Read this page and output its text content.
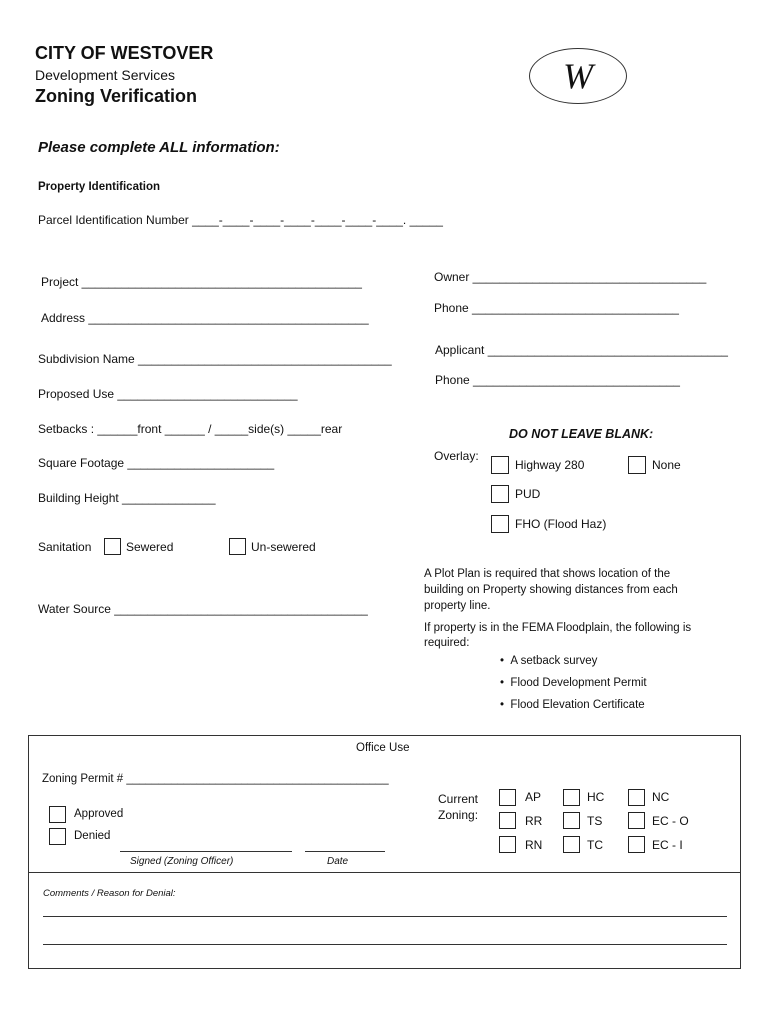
CITY OF WESTOVER
Development Services
Zoning Verification	W
Please complete ALL information:
Property Identification
Parcel Identification Number ____-____-____-____-____-____-____. _____
Project __________________________________________
Address __________________________________________
Subdivision Name ______________________________________
Proposed Use ___________________________
Setbacks : ______front ______ / _____side(s) _____rear
Square Footage ______________________
Building Height ______________
Sanitation	Sewered	Un-sewered
Water Source ______________________________________
Owner ___________________________________
Phone _______________________________
Applicant ____________________________________
Phone _______________________________
DO NOT LEAVE BLANK:
Overlay:
Highway 280	None
PUD
FHO (Flood Haz)
A Plot Plan is required that shows location of the
building on Property showing distances from each
property line.
If property is in the FEMA Floodplain, the following is
required:
•  A setback survey
•  Flood Development Permit
•  Flood Elevation Certificate
Office Use
Zoning Permit # _________________________________________
Approved
Denied
Signed (Zoning Officer)	Date
Current
Zoning:
AP	HC	NC
RR	TS	EC - O
RN	TC	EC - I
Comments / Reason for Denial:
